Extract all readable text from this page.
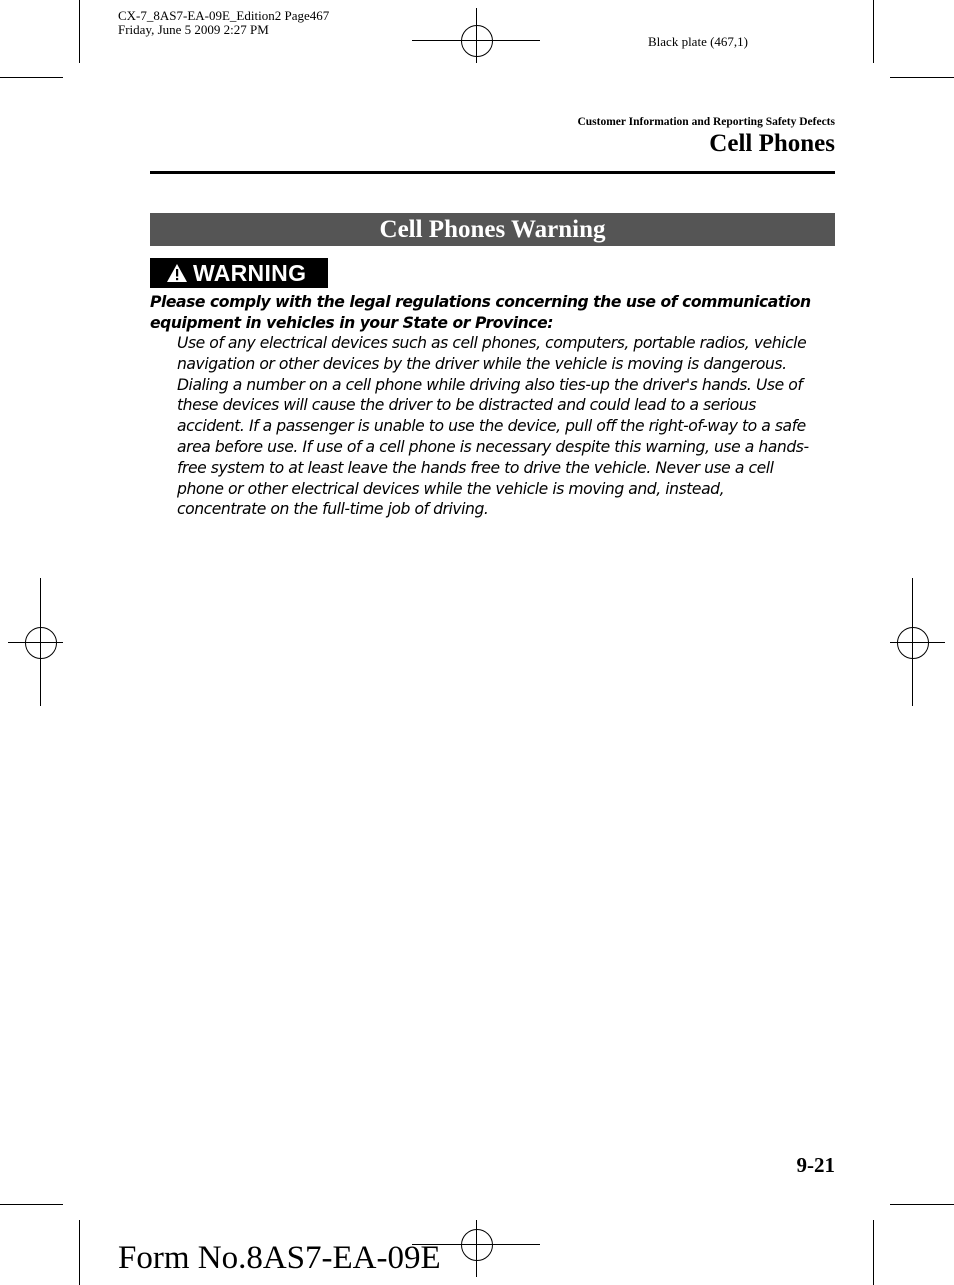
CX-7_8AS7-EA-09E_Edition2 Page467
Friday, June 5 2009 2:27 PM
Black plate (467,1)
Customer Information and Reporting Safety Defects
Cell Phones
Cell Phones Warning
WARNING
Please comply with the legal regulations concerning the use of communication
equipment in vehicles in your State or Province:
Use of any electrical devices such as cell phones, computers, portable radios, vehicle
navigation or other devices by the driver while the vehicle is moving is dangerous.
Dialing a number on a cell phone while driving also ties-up the driver's hands. Use of
these devices will cause the driver to be distracted and could lead to a serious
accident. If a passenger is unable to use the device, pull off the right-of-way to a safe
area before use. If use of a cell phone is necessary despite this warning, use a hands-
free system to at least leave the hands free to drive the vehicle. Never use a cell
phone or other electrical devices while the vehicle is moving and, instead,
concentrate on the full-time job of driving.
9-21
Form No.8AS7-EA-09E
